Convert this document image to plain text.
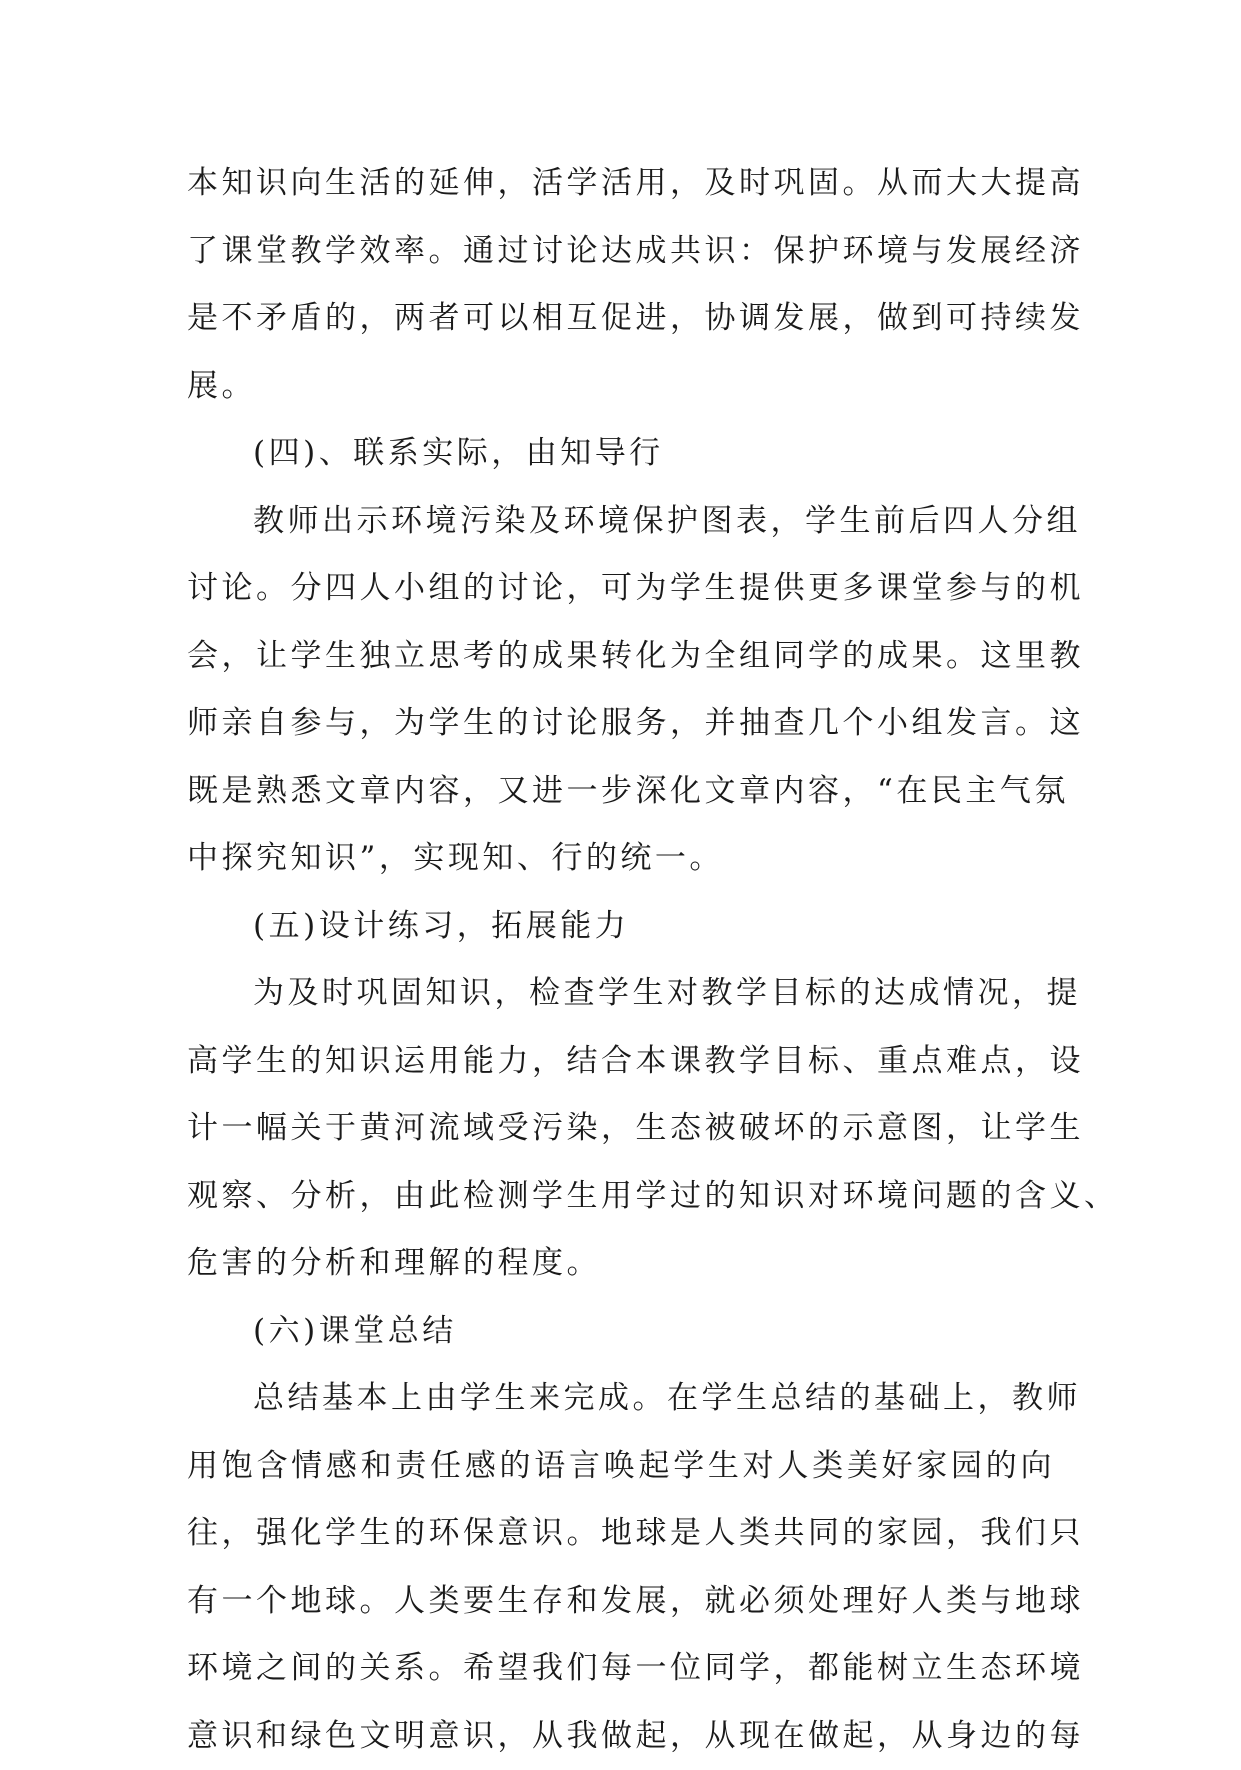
本知识向生活的延伸，活学活用，及时巩固。从而大大提高
了课堂教学效率。通过讨论达成共识：保护环境与发展经济
是不矛盾的，两者可以相互促进，协调发展，做到可持续发
展。
(四)、联系实际，由知导行
教师出示环境污染及环境保护图表，学生前后四人分组
讨论。分四人小组的讨论，可为学生提供更多课堂参与的机
会，让学生独立思考的成果转化为全组同学的成果。这里教
师亲自参与，为学生的讨论服务，并抽查几个小组发言。这
既是熟悉文章内容，又进一步深化文章内容，“在民主气氛
中探究知识”，实现知、行的统一。
(五)设计练习，拓展能力
为及时巩固知识，检查学生对教学目标的达成情况，提
高学生的知识运用能力，结合本课教学目标、重点难点，设
计一幅关于黄河流域受污染，生态被破坏的示意图，让学生
观察、分析，由此检测学生用学过的知识对环境问题的含义、
危害的分析和理解的程度。
(六)课堂总结
总结基本上由学生来完成。在学生总结的基础上，教师
用饱含情感和责任感的语言唤起学生对人类美好家园的向
往，强化学生的环保意识。地球是人类共同的家园，我们只
有一个地球。人类要生存和发展，就必须处理好人类与地球
环境之间的关系。希望我们每一位同学，都能树立生态环境
意识和绿色文明意识，从我做起，从现在做起，从身边的每
